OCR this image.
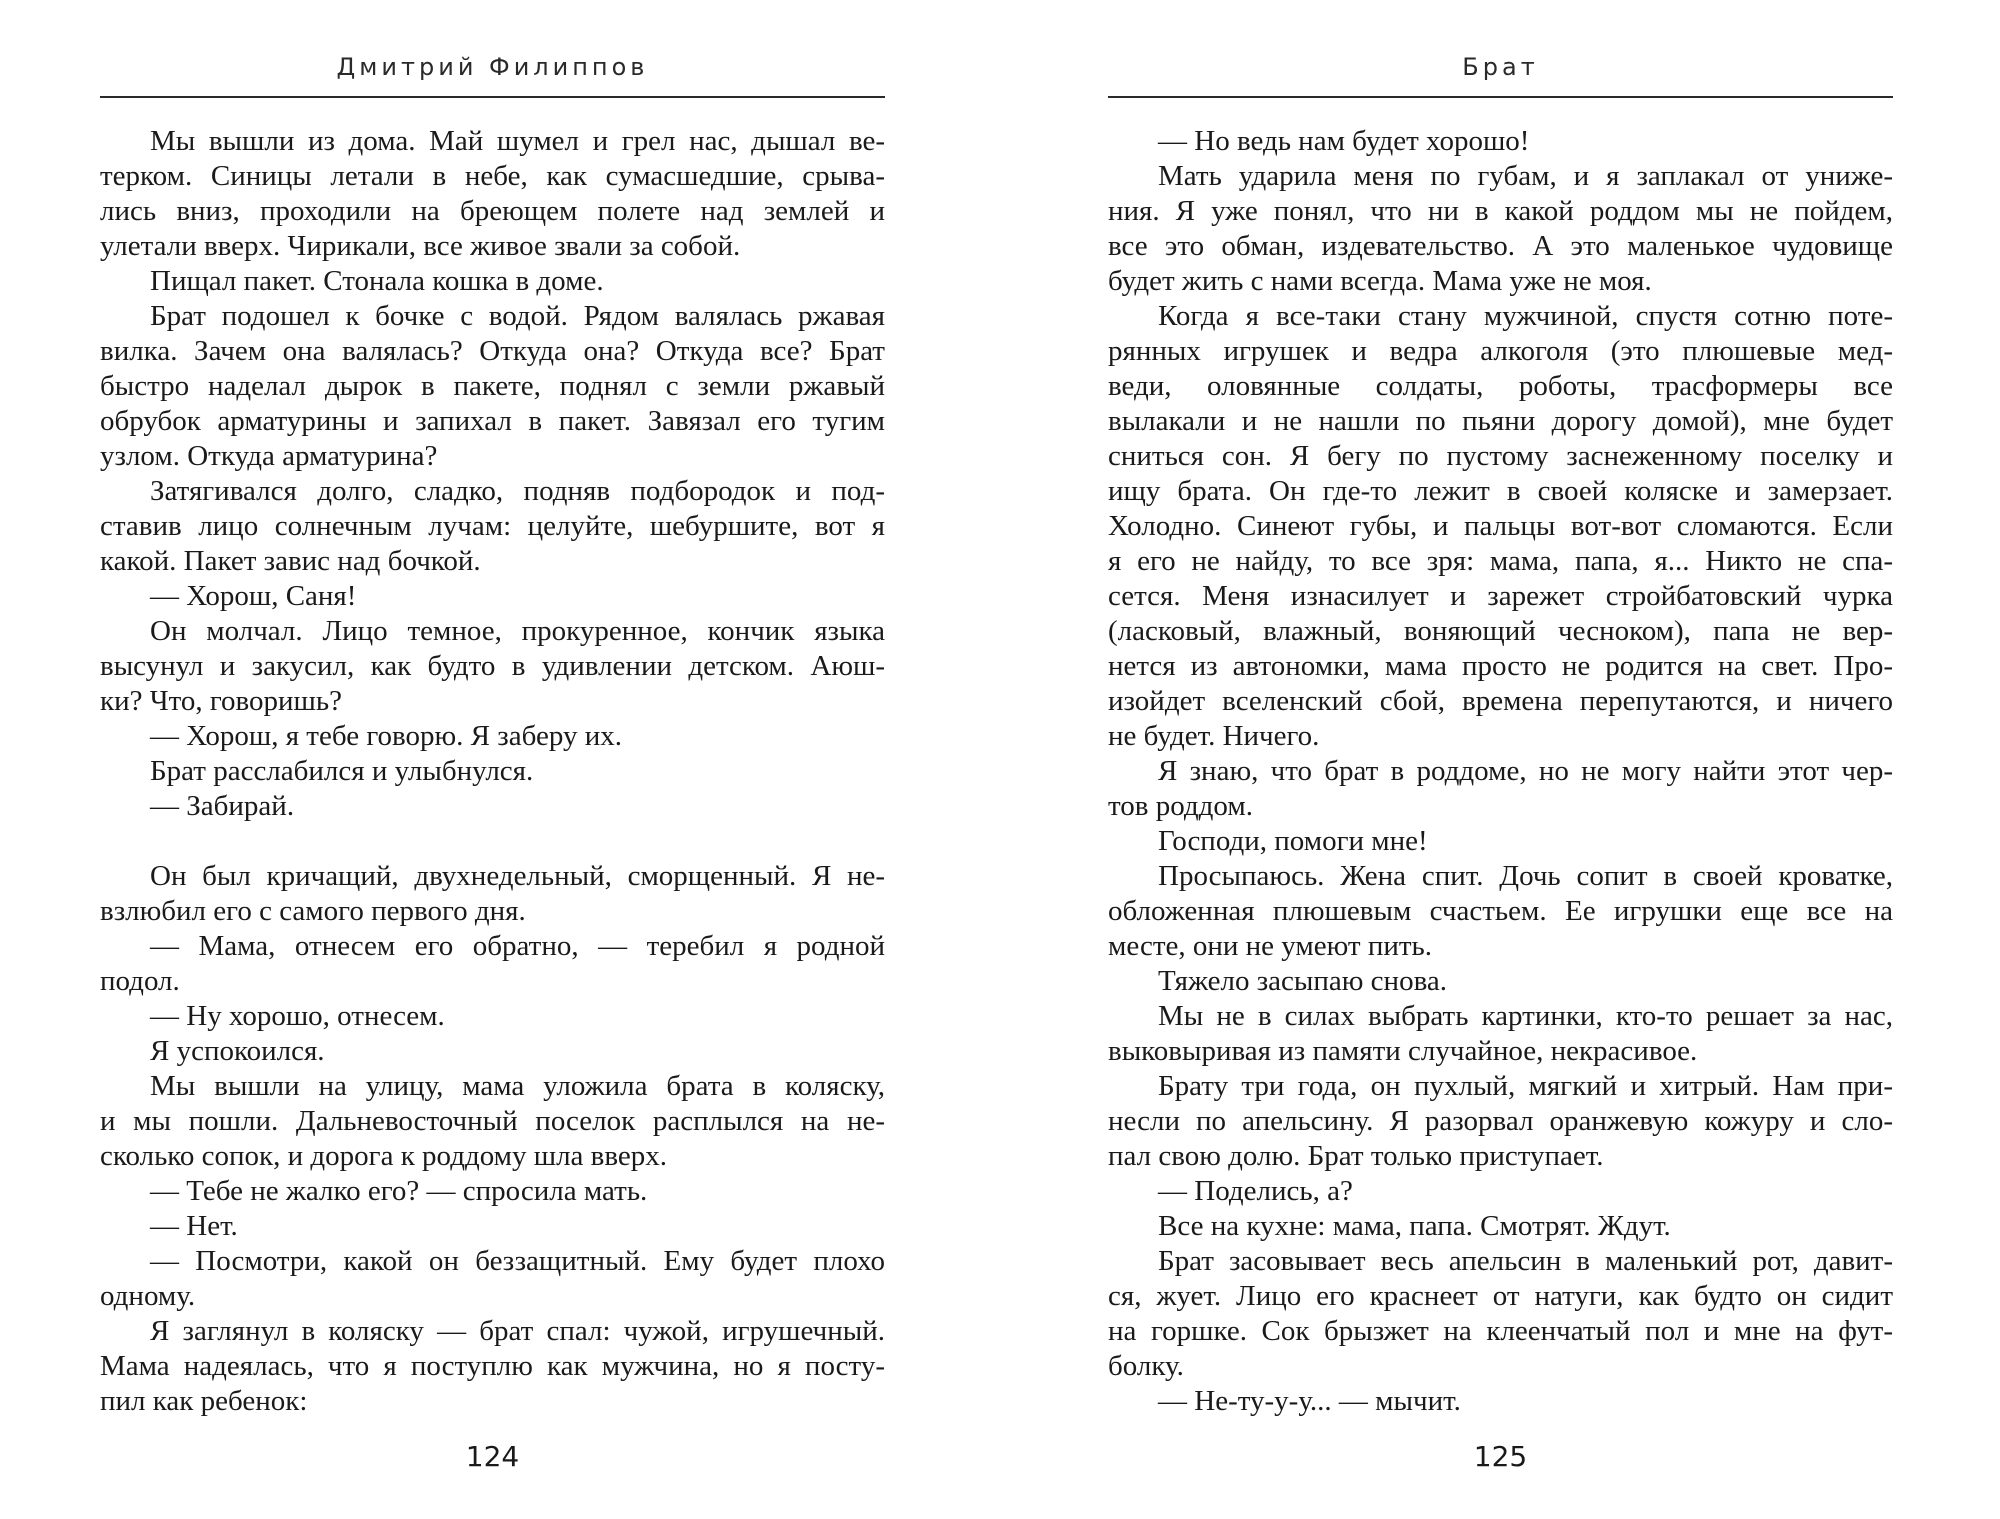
Дмитрий Филиппов
Мы вышли из дома. Май шумел и грел нас, дышал ве-
терком. Синицы летали в небе, как сумасшедшие, срыва-
лись вниз, проходили на бреющем полете над землей и
улетали вверх. Чирикали, все живое звали за собой.
Пищал пакет. Стонала кошка в доме.
Брат подошел к бочке с водой. Рядом валялась ржавая
вилка. Зачем она валялась? Откуда она? Откуда все? Брат
быстро наделал дырок в пакете, поднял с земли ржавый
обрубок арматурины и запихал в пакет. Завязал его тугим
узлом. Откуда арматурина?
Затягивался долго, сладко, подняв подбородок и под-
ставив лицо солнечным лучам: целуйте, шебуршите, вот я
какой. Пакет завис над бочкой.
— Хорош, Саня!
Он молчал. Лицо темное, прокуренное, кончик языка
высунул и закусил, как будто в удивлении детском. Аюш-
ки? Что, говоришь?
— Хорош, я тебе говорю. Я заберу их.
Брат расслабился и улыбнулся.
— Забирай.
Он был кричащий, двухнедельный, сморщенный. Я не-
взлюбил его с самого первого дня.
— Мама, отнесем его обратно, — теребил я родной
подол.
— Ну хорошо, отнесем.
Я успокоился.
Мы вышли на улицу, мама уложила брата в коляску,
и мы пошли. Дальневосточный поселок расплылся на не-
сколько сопок, и дорога к роддому шла вверх.
— Тебе не жалко его? — спросила мать.
— Нет.
— Посмотри, какой он беззащитный. Ему будет плохо
одному.
Я заглянул в коляску — брат спал: чужой, игрушечный.
Мама надеялась, что я поступлю как мужчина, но я посту-
пил как ребенок:
124
Брат
— Но ведь нам будет хорошо!
Мать ударила меня по губам, и я заплакал от униже-
ния. Я уже понял, что ни в какой роддом мы не пойдем,
все это обман, издевательство. А это маленькое чудовище
будет жить с нами всегда. Мама уже не моя.
Когда я все-таки стану мужчиной, спустя сотню поте-
рянных игрушек и ведра алкоголя (это плюшевые мед-
веди, оловянные солдаты, роботы, трасформеры все
вылакали и не нашли по пьяни дорогу домой), мне будет
сниться сон. Я бегу по пустому заснеженному поселку и
ищу брата. Он где-то лежит в своей коляске и замерзает.
Холодно. Синеют губы, и пальцы вот-вот сломаются. Если
я его не найду, то все зря: мама, папа, я... Никто не спа-
сется. Меня изнасилует и зарежет стройбатовский чурка
(ласковый, влажный, воняющий чесноком), папа не вер-
нется из автономки, мама просто не родится на свет. Про-
изойдет вселенский сбой, времена перепутаются, и ничего
не будет. Ничего.
Я знаю, что брат в роддоме, но не могу найти этот чер-
тов роддом.
Господи, помоги мне!
Просыпаюсь. Жена спит. Дочь сопит в своей кроватке,
обложенная плюшевым счастьем. Ее игрушки еще все на
месте, они не умеют пить.
Тяжело засыпаю снова.
Мы не в силах выбрать картинки, кто-то решает за нас,
выковыривая из памяти случайное, некрасивое.
Брату три года, он пухлый, мягкий и хитрый. Нам при-
несли по апельсину. Я разорвал оранжевую кожуру и сло-
пал свою долю. Брат только приступает.
— Поделись, а?
Все на кухне: мама, папа. Смотрят. Ждут.
Брат засовывает весь апельсин в маленький рот, давит-
ся, жует. Лицо его краснеет от натуги, как будто он сидит
на горшке. Сок брызжет на клеенчатый пол и мне на фут-
болку.
— Не-ту-у-у... — мычит.
125
